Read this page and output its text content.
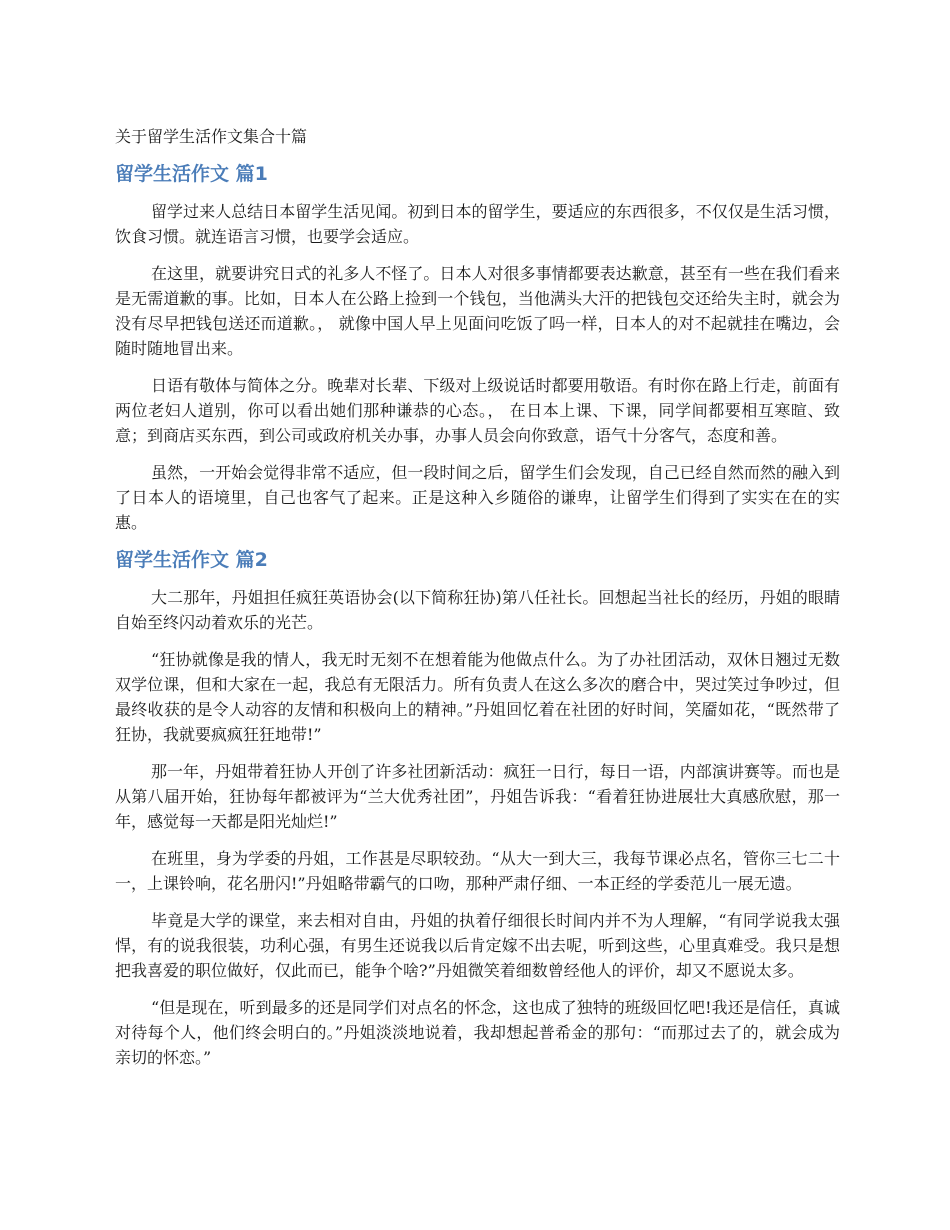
关于留学生活作文集合十篇
留学生活作文 篇1

留学过来人总结日本留学生活见闻。初到日本的留学生，要适应的东西很多，不仅仅是生活习惯，饮食习惯。就连语言习惯，也要学会适应。

在这里，就要讲究日式的礼多人不怪了。日本人对很多事情都要表达歉意，甚至有一些在我们看来是无需道歉的事。比如，日本人在公路上捡到一个钱包，当他满头大汗的把钱包交还给失主时，就会为没有尽早把钱包送还而道歉。， 就像中国人早上见面问吃饭了吗一样，日本人的对不起就挂在嘴边，会随时随地冒出来。

日语有敬体与简体之分。晚辈对长辈、下级对上级说话时都要用敬语。有时你在路上行走，前面有两位老妇人道别，你可以看出她们那种谦恭的心态。， 在日本上课、下课，同学间都要相互寒暄、致意；到商店买东西，到公司或政府机关办事，办事人员会向你致意，语气十分客气，态度和善。

虽然，一开始会觉得非常不适应，但一段时间之后，留学生们会发现，自己已经自然而然的融入到了日本人的语境里，自己也客气了起来。正是这种入乡随俗的谦卑，让留学生们得到了实实在在的实惠。

留学生活作文 篇2

大二那年，丹姐担任疯狂英语协会(以下简称狂协)第八任社长。回想起当社长的经历，丹姐的眼睛自始至终闪动着欢乐的光芒。

“狂协就像是我的情人，我无时无刻不在想着能为他做点什么。为了办社团活动，双休日翘过无数双学位课，但和大家在一起，我总有无限活力。所有负责人在这么多次的磨合中，哭过笑过争吵过，但最终收获的是令人动容的友情和积极向上的精神。”丹姐回忆着在社团的好时间，笑靥如花，“既然带了狂协，我就要疯疯狂狂地带!”

那一年，丹姐带着狂协人开创了许多社团新活动：疯狂一日行，每日一语，内部演讲赛等。而也是从第八届开始，狂协每年都被评为“兰大优秀社团”，丹姐告诉我：“看着狂协进展壮大真感欣慰，那一年，感觉每一天都是阳光灿烂!”

在班里，身为学委的丹姐，工作甚是尽职较劲。“从大一到大三，我每节课必点名，管你三七二十一，上课铃响，花名册闪!”丹姐略带霸气的口吻，那种严肃仔细、一本正经的学委范儿一展无遗。

毕竟是大学的课堂，来去相对自由，丹姐的执着仔细很长时间内并不为人理解，“有同学说我太强悍，有的说我很装，功利心强，有男生还说我以后肯定嫁不出去呢，听到这些，心里真难受。我只是想把我喜爱的职位做好，仅此而已，能争个啥?”丹姐微笑着细数曾经他人的评价，却又不愿说太多。

“但是现在，听到最多的还是同学们对点名的怀念，这也成了独特的班级回忆吧!我还是信任，真诚对待每个人，他们终会明白的。”丹姐淡淡地说着，我却想起普希金的那句：“而那过去了的，就会成为亲切的怀恋。”
